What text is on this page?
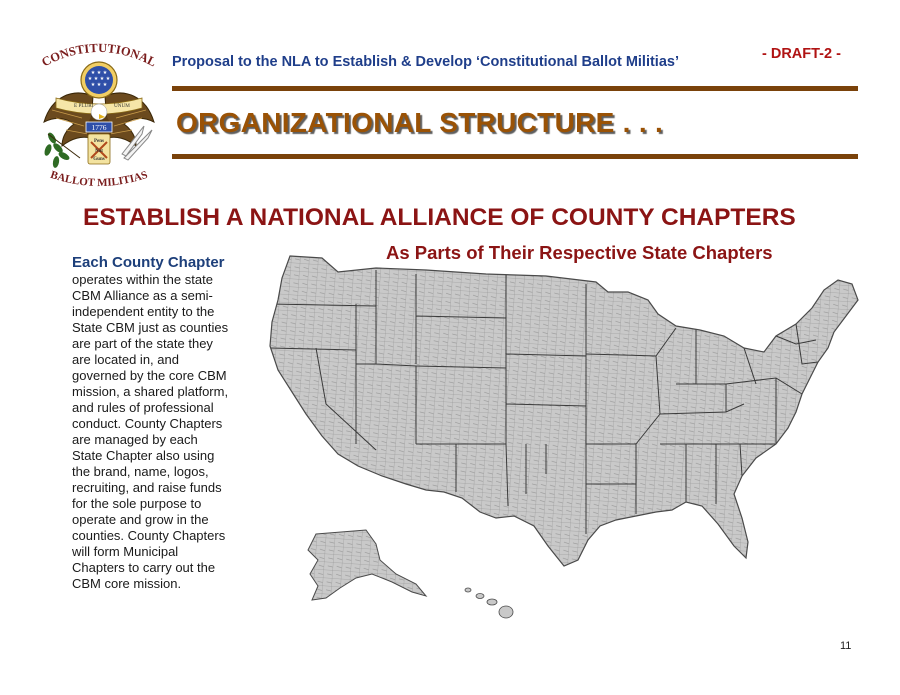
CONSTITUTIONAL
★ ★ ★
★ ★ ★ ★
★ ★ ★
E PLURI	UNUM
1776
Pens
Not
Guns
BALLOT MILITIAS
Proposal to the NLA to Establish & Develop ‘Constitutional Ballot Militias’	- DRAFT-2 -
ORGANIZATIONAL STRUCTURE . . .
ESTABLISH A NATIONAL ALLIANCE OF COUNTY CHAPTERS
As Parts of Their Respective State Chapters
Each County Chapter
operates within the state
CBM Alliance as a semi-
independent entity to the
State CBM just as counties
are part of the state they
are located in, and
governed by the core CBM
mission, a shared platform,
and rules of professional
conduct. County Chapters
are managed by each
State Chapter also using
the brand, name, logos,
recruiting, and raise funds
for the sole purpose to
operate and grow in the
counties. County Chapters
will form Municipal
Chapters to carry out the
CBM core mission.
11
